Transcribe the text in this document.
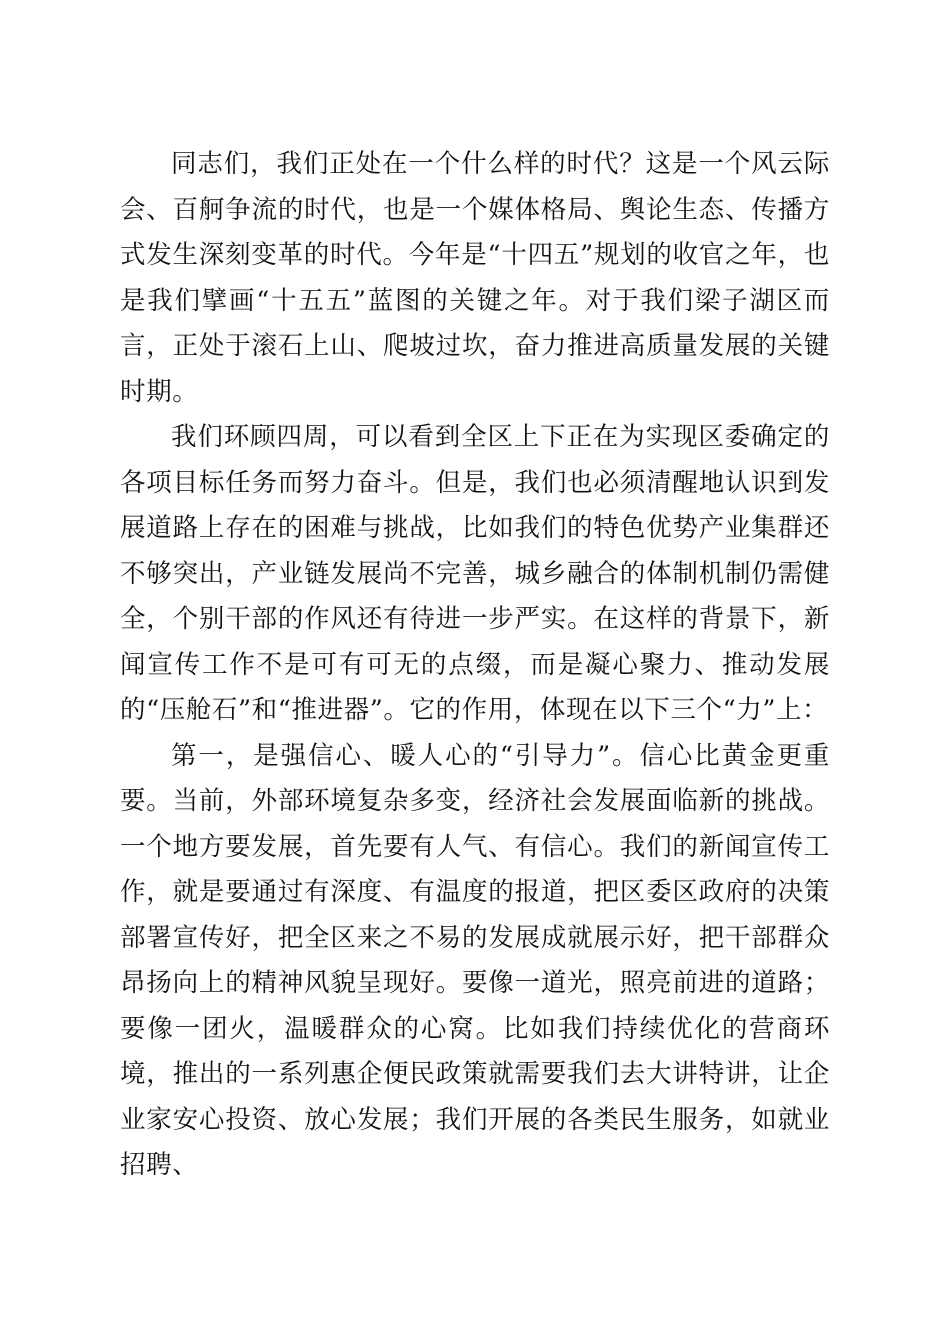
同志们，我们正处在一个什么样的时代？这是一个风云际会、百舸争流的时代，也是一个媒体格局、舆论生态、传播方式发生深刻变革的时代。今年是“十四五”规划的收官之年，也是我们擘画“十五五”蓝图的关键之年。对于我们梁子湖区而言，正处于滚石上山、爬坡过坎，奋力推进高质量发展的关键时期。

我们环顾四周，可以看到全区上下正在为实现区委确定的各项目标任务而努力奋斗。但是，我们也必须清醒地认识到发展道路上存在的困难与挑战，比如我们的特色优势产业集群还不够突出，产业链发展尚不完善，城乡融合的体制机制仍需健全，个别干部的作风还有待进一步严实。在这样的背景下，新闻宣传工作不是可有可无的点缀，而是凝心聚力、推动发展的“压舱石”和“推进器”。它的作用，体现在以下三个“力”上：

第一，是强信心、暖人心的“引导力”。信心比黄金更重要。当前，外部环境复杂多变，经济社会发展面临新的挑战。一个地方要发展，首先要有人气、有信心。我们的新闻宣传工作，就是要通过有深度、有温度的报道，把区委区政府的决策部署宣传好，把全区来之不易的发展成就展示好，把干部群众昂扬向上的精神风貌呈现好。要像一道光，照亮前进的道路；要像一团火，温暖群众的心窝。比如我们持续优化的营商环境，推出的一系列惠企便民政策就需要我们去大讲特讲，让企业家安心投资、放心发展；我们开展的各类民生服务，如就业招聘、
